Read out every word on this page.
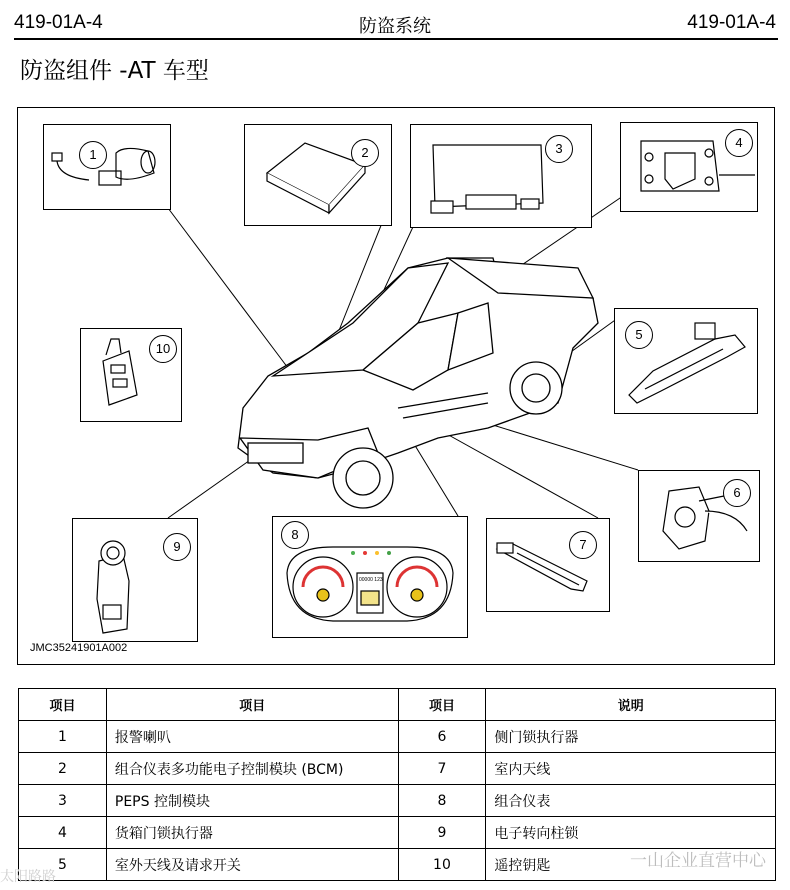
419-01A-4	防盗系统	419-01A-4
防盗组件 -AT 车型
1	2	3	4
10
5
6
9
00000 123
8
7
JMC35241901A002
项目	项目	项目	说明
1	报警喇叭	6	侧门锁执行器
2	组合仪表多功能电子控制模块 (BCM)	7	室内天线
3	PEPS 控制模块	8	组合仪表
4	货箱门锁执行器	9	电子转向柱锁
5	室外天线及请求开关	10	遥控钥匙
太阳路路
一山企业直营中心
